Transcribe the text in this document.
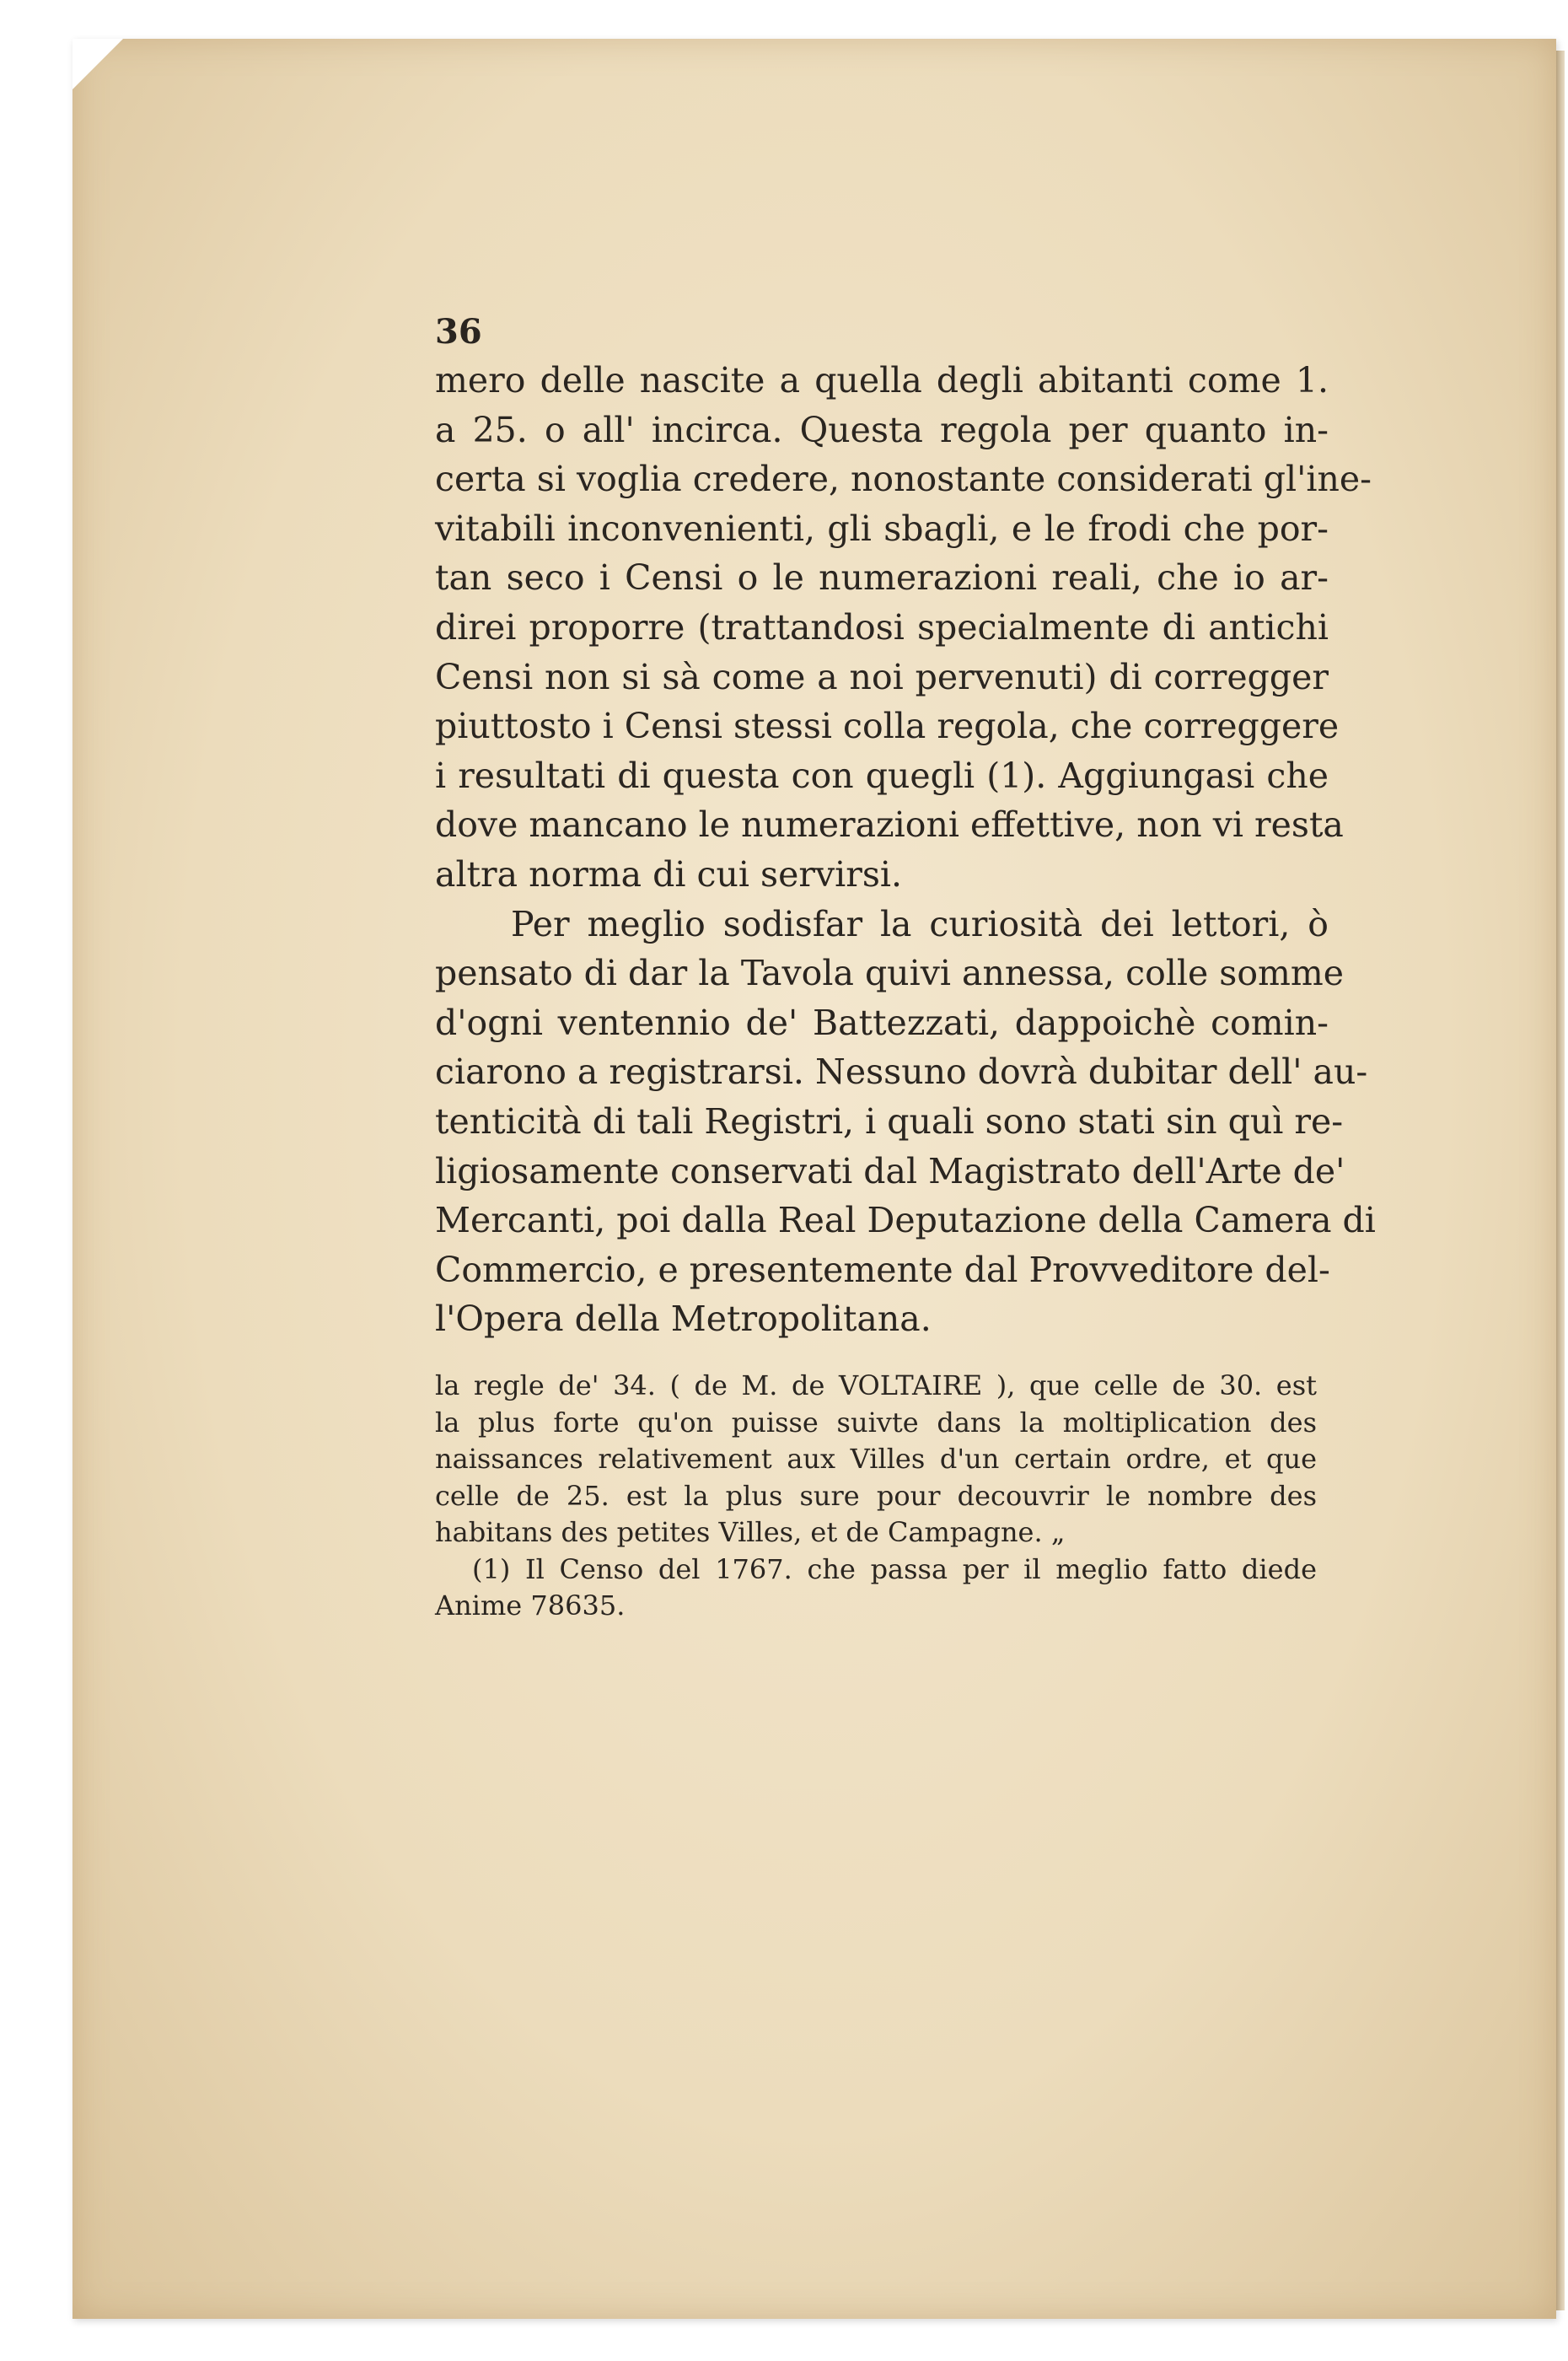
36

mero delle nascite a quella degli abitanti come 1.

a 25. o all' incirca. Questa regola per quanto in-

certa si voglia credere, nonostante considerati gl'ine-

vitabili inconvenienti, gli sbagli, e le frodi che por-

tan seco i Censi o le numerazioni reali, che io ar-

direi proporre (trattandosi specialmente di antichi

Censi non si sà come a noi pervenuti) di corregger

piuttosto i Censi stessi colla regola, che correggere

i resultati di questa con quegli (1). Aggiungasi che

dove mancano le numerazioni effettive, non vi resta

altra norma di cui servirsi.

Per meglio sodisfar la curiosità dei lettori, ò

pensato di dar la Tavola quivi annessa, colle somme

d'ogni ventennio de' Battezzati, dappoichè comin-

ciarono a registrarsi. Nessuno dovrà dubitar dell' au-

tenticità di tali Registri, i quali sono stati sin quì re-

ligiosamente conservati dal Magistrato dell'Arte de'

Mercanti, poi dalla Real Deputazione della Camera di

Commercio, e presentemente dal Provveditore del-

l'Opera della Metropolitana.

la regle de' 34. ( de M. de VOLTAIRE ), que celle de 30. est

la plus forte qu'on puisse suivte dans la moltiplication des

naissances relativement aux Villes d'un certain ordre, et que

celle de 25. est la plus sure pour decouvrir le nombre des

habitans des petites Villes, et de Campagne. „

(1) Il Censo del 1767. che passa per il meglio fatto diede

Anime 78635.
